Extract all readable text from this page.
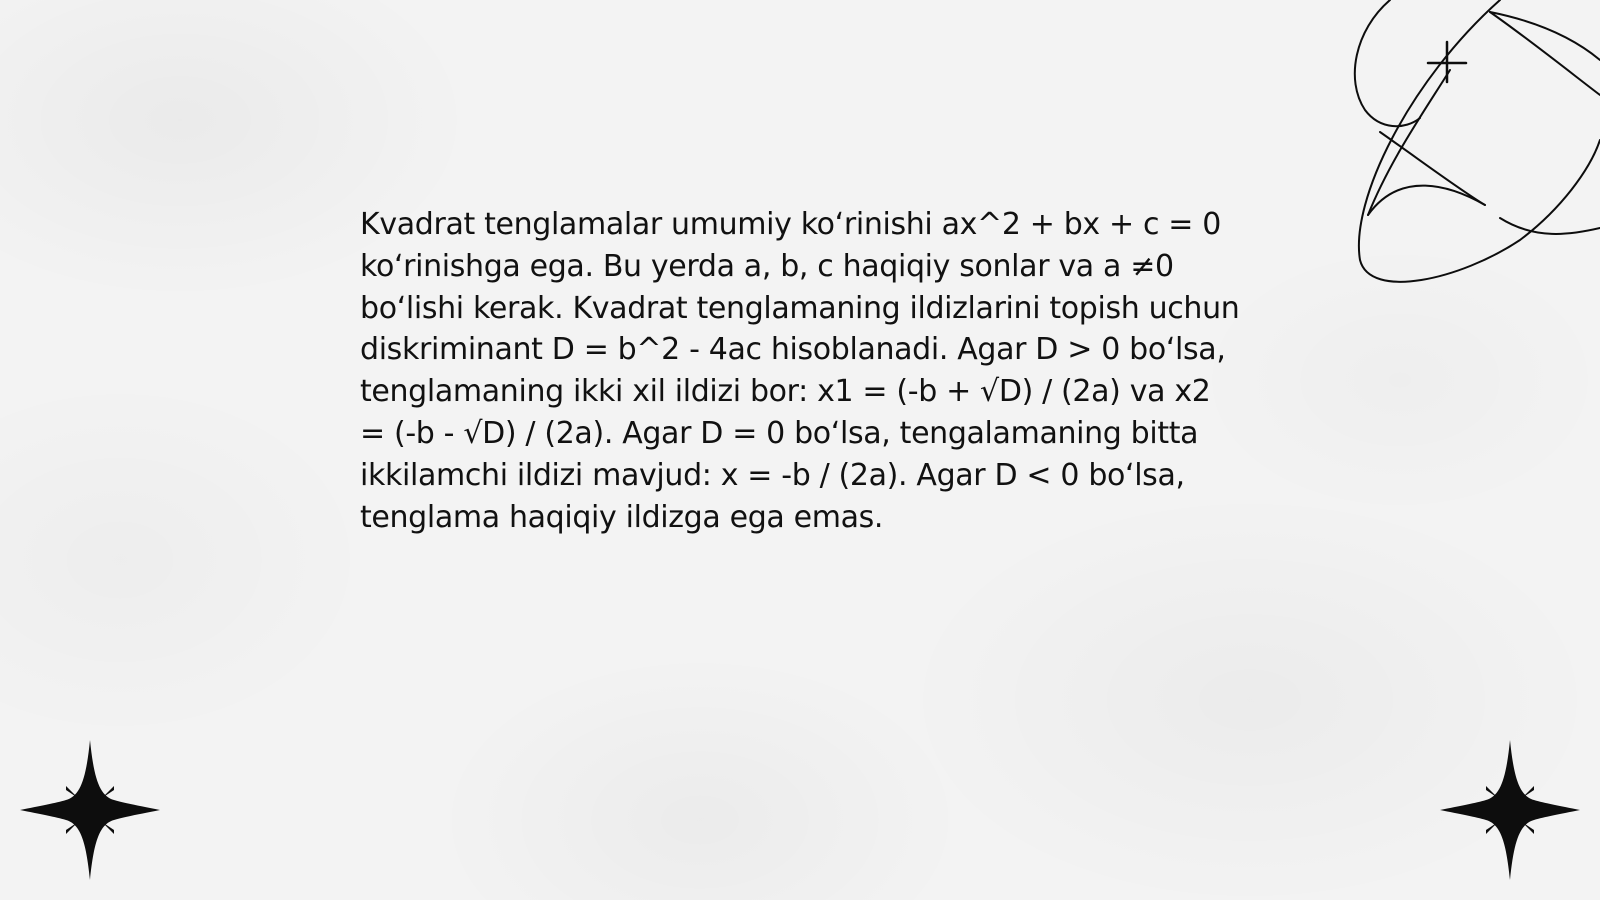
Kvadrat tenglamalar umumiy ko‘rinishi ax^2 + bx + c = 0 ko‘rinishga ega. Bu yerda a, b, c haqiqiy sonlar va a ≠0 bo‘lishi kerak. Kvadrat tenglamaning ildizlarini topish uchun diskriminant D = b^2 - 4ac hisoblanadi. Agar D > 0 bo‘lsa, tenglamaning ikki xil ildizi bor: x1 = (-b + √D) / (2a) va x2 = (-b - √D) / (2a). Agar D = 0 bo‘lsa, tengalamaning bitta ikkilamchi ildizi mavjud: x = -b / (2a). Agar D < 0 bo‘lsa, tenglama haqiqiy ildizga ega emas.
